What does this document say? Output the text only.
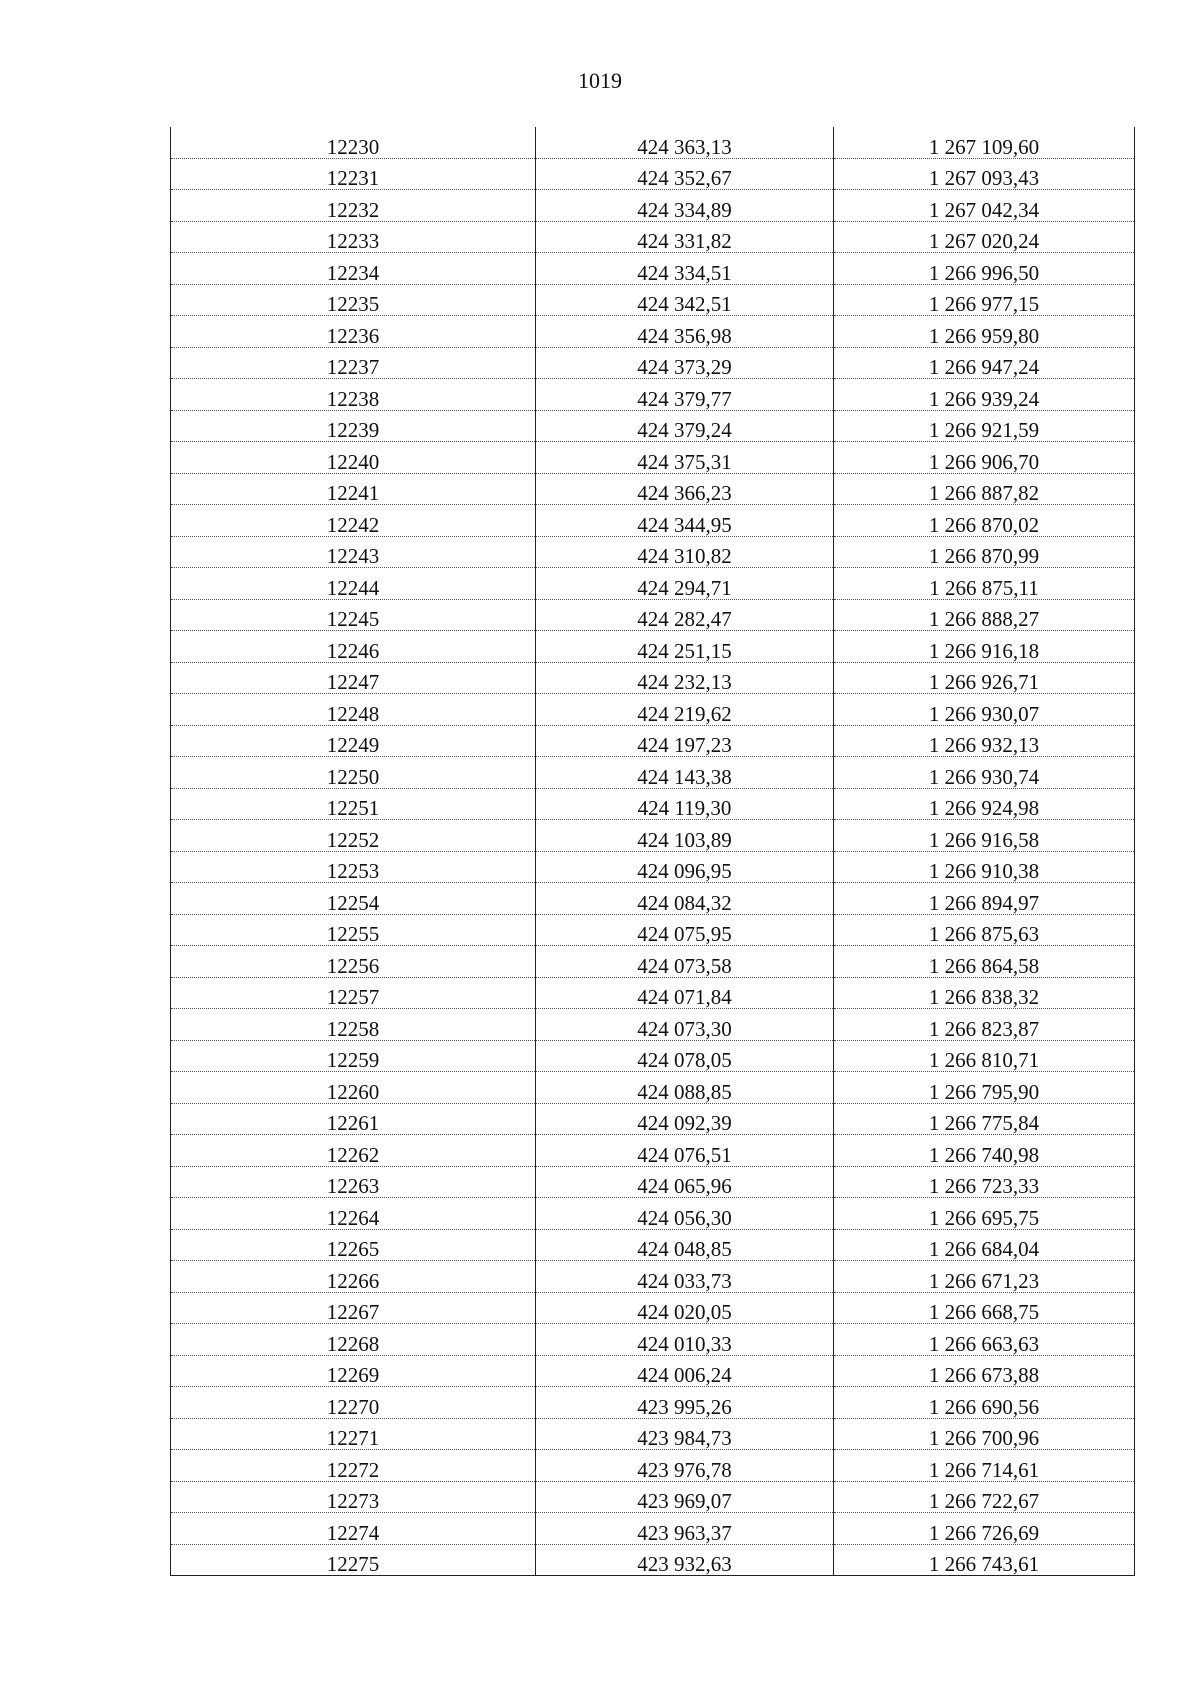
1019
12230	424 363,13	1 267 109,60
12231	424 352,67	1 267 093,43
12232	424 334,89	1 267 042,34
12233	424 331,82	1 267 020,24
12234	424 334,51	1 266 996,50
12235	424 342,51	1 266 977,15
12236	424 356,98	1 266 959,80
12237	424 373,29	1 266 947,24
12238	424 379,77	1 266 939,24
12239	424 379,24	1 266 921,59
12240	424 375,31	1 266 906,70
12241	424 366,23	1 266 887,82
12242	424 344,95	1 266 870,02
12243	424 310,82	1 266 870,99
12244	424 294,71	1 266 875,11
12245	424 282,47	1 266 888,27
12246	424 251,15	1 266 916,18
12247	424 232,13	1 266 926,71
12248	424 219,62	1 266 930,07
12249	424 197,23	1 266 932,13
12250	424 143,38	1 266 930,74
12251	424 119,30	1 266 924,98
12252	424 103,89	1 266 916,58
12253	424 096,95	1 266 910,38
12254	424 084,32	1 266 894,97
12255	424 075,95	1 266 875,63
12256	424 073,58	1 266 864,58
12257	424 071,84	1 266 838,32
12258	424 073,30	1 266 823,87
12259	424 078,05	1 266 810,71
12260	424 088,85	1 266 795,90
12261	424 092,39	1 266 775,84
12262	424 076,51	1 266 740,98
12263	424 065,96	1 266 723,33
12264	424 056,30	1 266 695,75
12265	424 048,85	1 266 684,04
12266	424 033,73	1 266 671,23
12267	424 020,05	1 266 668,75
12268	424 010,33	1 266 663,63
12269	424 006,24	1 266 673,88
12270	423 995,26	1 266 690,56
12271	423 984,73	1 266 700,96
12272	423 976,78	1 266 714,61
12273	423 969,07	1 266 722,67
12274	423 963,37	1 266 726,69
12275	423 932,63	1 266 743,61
